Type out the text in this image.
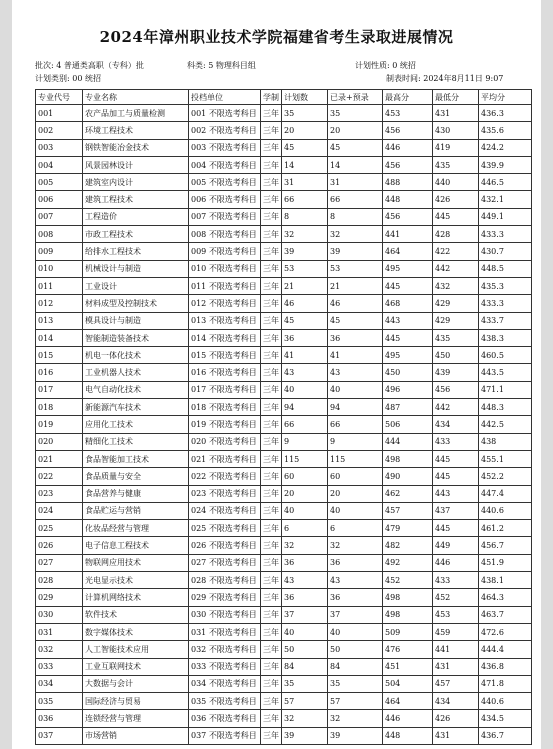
2024年漳州职业技术学院福建省考生录取进展情况
批次: 4 普通类高职（专科）批	科类: 5 物理科目组	计划性质: 0 统招
计划类别: 00 统招	制表时间: 2024年8月11日 9:07
专业代号	专业名称	投档单位	学制	计划数	已录+预录	最高分	最低分	平均分
001	农产品加工与质量检测	001 不限选考科目	三年	35	35	453	431	436.3
002	环境工程技术	002 不限选考科目	三年	20	20	456	430	435.6
003	钢铁智能冶金技术	003 不限选考科目	三年	45	45	446	419	424.2
004	风景园林设计	004 不限选考科目	三年	14	14	456	435	439.9
005	建筑室内设计	005 不限选考科目	三年	31	31	488	440	446.5
006	建筑工程技术	006 不限选考科目	三年	66	66	448	426	432.1
007	工程造价	007 不限选考科目	三年	8	8	456	445	449.1
008	市政工程技术	008 不限选考科目	三年	32	32	441	428	433.3
009	给排水工程技术	009 不限选考科目	三年	39	39	464	422	430.7
010	机械设计与制造	010 不限选考科目	三年	53	53	495	442	448.5
011	工业设计	011 不限选考科目	三年	21	21	445	432	435.3
012	材料成型及控制技术	012 不限选考科目	三年	46	46	468	429	433.3
013	模具设计与制造	013 不限选考科目	三年	45	45	443	429	433.7
014	智能制造装备技术	014 不限选考科目	三年	36	36	445	435	438.3
015	机电一体化技术	015 不限选考科目	三年	41	41	495	450	460.5
016	工业机器人技术	016 不限选考科目	三年	43	43	450	439	443.5
017	电气自动化技术	017 不限选考科目	三年	40	40	496	456	471.1
018	新能源汽车技术	018 不限选考科目	三年	94	94	487	442	448.3
019	应用化工技术	019 不限选考科目	三年	66	66	506	434	442.5
020	精细化工技术	020 不限选考科目	三年	9	9	444	433	438
021	食品智能加工技术	021 不限选考科目	三年	115	115	498	445	455.1
022	食品质量与安全	022 不限选考科目	三年	60	60	490	445	452.2
023	食品营养与健康	023 不限选考科目	三年	20	20	462	443	447.4
024	食品贮运与营销	024 不限选考科目	三年	40	40	457	437	440.6
025	化妆品经营与管理	025 不限选考科目	三年	6	6	479	445	461.2
026	电子信息工程技术	026 不限选考科目	三年	32	32	482	449	456.7
027	物联网应用技术	027 不限选考科目	三年	36	36	492	446	451.9
028	光电显示技术	028 不限选考科目	三年	43	43	452	433	438.1
029	计算机网络技术	029 不限选考科目	三年	36	36	498	452	464.3
030	软件技术	030 不限选考科目	三年	37	37	498	453	463.7
031	数字媒体技术	031 不限选考科目	三年	40	40	509	459	472.6
032	人工智能技术应用	032 不限选考科目	三年	50	50	476	441	444.4
033	工业互联网技术	033 不限选考科目	三年	84	84	451	431	436.8
034	大数据与会计	034 不限选考科目	三年	35	35	504	457	471.8
035	国际经济与贸易	035 不限选考科目	三年	57	57	464	434	440.6
036	连锁经营与管理	036 不限选考科目	三年	32	32	446	426	434.5
037	市场营销	037 不限选考科目	三年	39	39	448	431	436.7
